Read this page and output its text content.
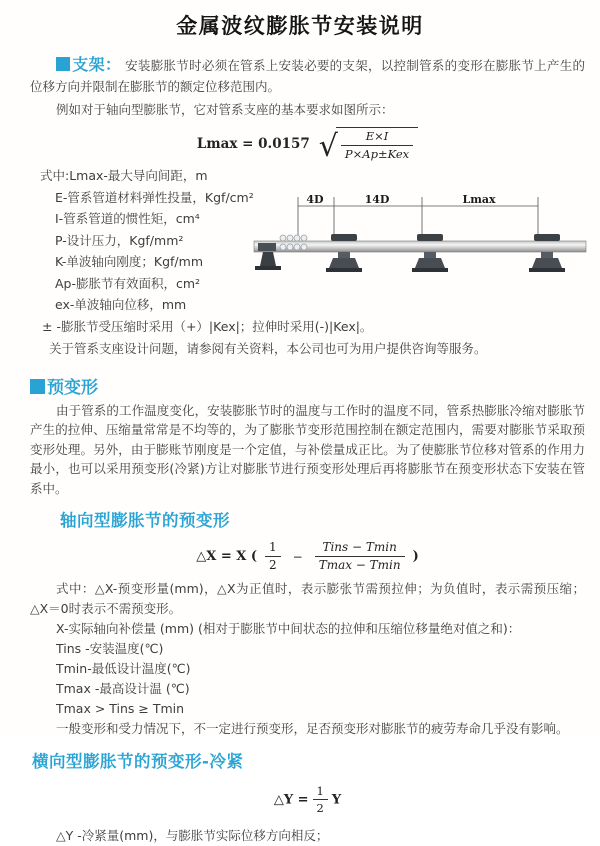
金属波纹膨胀节安装说明

支架： 安装膨胀节时必须在管系上安装必要的支架，以控制管系的变形在膨胀节上产生的位移方向并限制在膨胀节的额定位移范围内。

例如对于轴向型膨胀节，它对管系支座的基本要求如图所示：

Lmax = 0.0157 √ $\frac{E\times I}{\text{P×Ap±Kex}}$
式中:Lmax-最大导向间距，m
E-管系管道材料弹性投量，Kgf/cm²
I-管系管道的惯性矩，cm⁴
P-设计压力，Kgf/mm²
K-单波轴向刚度；Kgf/mm
Ap-膨胀节有效面积，cm²
ex-单波轴向位移，mm
± -膨胀节受压缩时采用（+）|Kex|；拉伸时采用(-)|Kex|。
关于管系支座设计问题，请参阅有关资料，本公司也可为用户提供咨询等服务。
预变形

由于管系的工作温度变化，安装膨胀节时的温度与工作时的温度不同，管系热膨胀冷缩对膨胀节产生的拉伸、压缩量常常是不均等的，为了膨胀节变形范围控制在额定范围内，需要对膨胀节采取预变形处理。另外，由于膨账节刚度是一个定值，与补偿量成正比。为了使膨胀节位移对管系的作用力最小，也可以采用预变形(冷紧)方让对膨胀节进行预变形处理后再将膨胀节在预变形状态下安装在管系中。

轴向型膨胀节的预变形
△X = X ( $\frac{1}{2} - \frac{\text{Tins − Tmin}}{Tmax - Tmin}$ )
式中：△X-预变形量(mm)，△X为正值时，表示膨张节需预拉伸；为负值时，表示需预压缩；△X＝0时表示不需预变形。
X-实际轴向补偿量 (mm) (相对于膨胀节中间状态的拉伸和压缩位移量绝对值之和)：
Tins -安装温度(℃)
Tmin-最低设计温度(℃)
Tmax -最高设计温 (℃)
Tmax > Tins ≥ Tmin
一般变形和受力情况下，不一定进行预变形，足否预变形对膨胀节的疲劳寿命几乎没有影响。
横向型膨胀节的预变形-冷紧
△Y = $\frac{1}{2}$ Y
△Y -冷紧量(mm)，与膨胀节实际位移方向相反；
4D	14D	Lmax
